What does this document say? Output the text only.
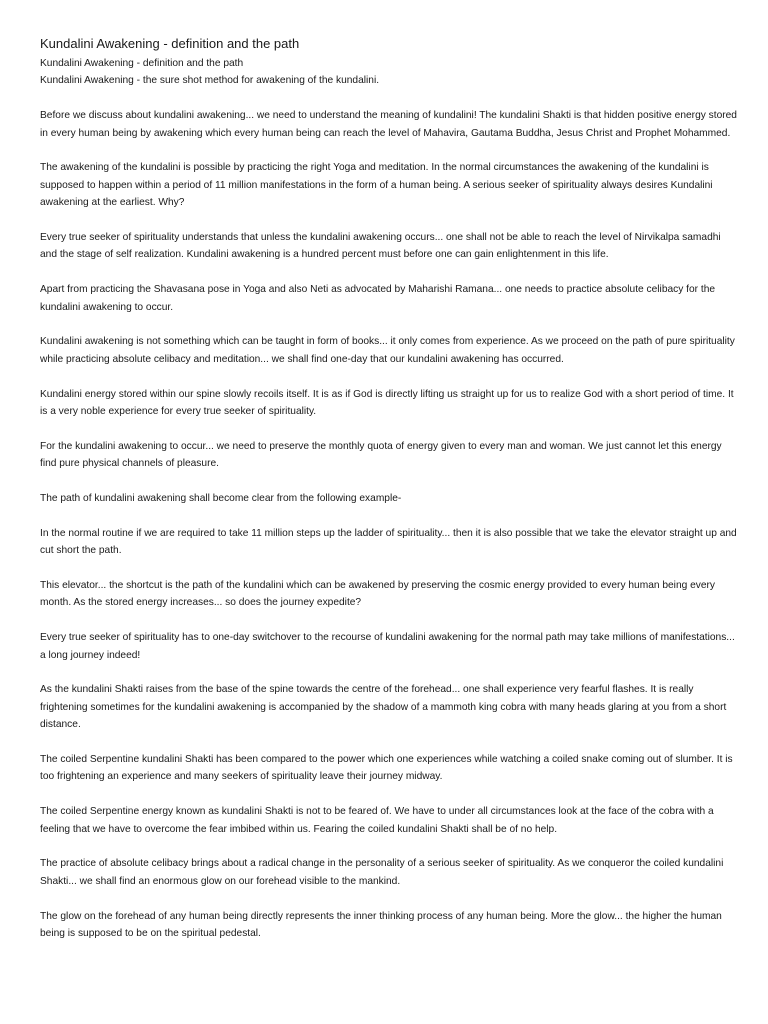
Kundalini Awakening - definition and the path

Kundalini Awakening - definition and the path

Kundalini Awakening - the sure shot method for awakening of the kundalini.

Before we discuss about kundalini awakening... we need to understand the meaning of kundalini! The kundalini Shakti is that hidden positive energy stored in every human being by awakening which every human being can reach the level of Mahavira, Gautama Buddha, Jesus Christ and Prophet Mohammed.

The awakening of the kundalini is possible by practicing the right Yoga and meditation. In the normal circumstances the awakening of the kundalini is supposed to happen within a period of 11 million manifestations in the form of a human being. A serious seeker of spirituality always desires Kundalini awakening at the earliest. Why?

Every true seeker of spirituality understands that unless the kundalini awakening occurs... one shall not be able to reach the level of Nirvikalpa samadhi and the stage of self realization. Kundalini awakening is a hundred percent must before one can gain enlightenment in this life.

Apart from practicing the Shavasana pose in Yoga and also Neti as advocated by Maharishi Ramana... one needs to practice absolute celibacy for the kundalini awakening to occur.

Kundalini awakening is not something which can be taught in form of books... it only comes from experience. As we proceed on the path of pure spirituality while practicing absolute celibacy and meditation... we shall find one-day that our kundalini awakening has occurred.

Kundalini energy stored within our spine slowly recoils itself. It is as if God is directly lifting us straight up for us to realize God with a short period of time. It is a very noble experience for every true seeker of spirituality.

For the kundalini awakening to occur... we need to preserve the monthly quota of energy given to every man and woman. We just cannot let this energy find pure physical channels of pleasure.

The path of kundalini awakening shall become clear from the following example-

In the normal routine if we are required to take 11 million steps up the ladder of spirituality... then it is also possible that we take the elevator straight up and cut short the path.

This elevator... the shortcut is the path of the kundalini which can be awakened by preserving the cosmic energy provided to every human being every month. As the stored energy increases... so does the journey expedite?

Every true seeker of spirituality has to one-day switchover to the recourse of kundalini awakening for the normal path may take millions of manifestations... a long journey indeed!

As the kundalini Shakti raises from the base of the spine towards the centre of the forehead... one shall experience very fearful flashes. It is really frightening sometimes for the kundalini awakening is accompanied by the shadow of a mammoth king cobra with many heads glaring at you from a short distance.

The coiled Serpentine kundalini Shakti has been compared to the power which one experiences while watching a coiled snake coming out of slumber. It is too frightening an experience and many seekers of spirituality leave their journey midway.

The coiled Serpentine energy known as kundalini Shakti is not to be feared of. We have to under all circumstances look at the face of the cobra with a feeling that we have to overcome the fear imbibed within us. Fearing the coiled kundalini Shakti shall be of no help.

The practice of absolute celibacy brings about a radical change in the personality of a serious seeker of spirituality. As we conqueror the coiled kundalini Shakti... we shall find an enormous glow on our forehead visible to the mankind.

The glow on the forehead of any human being directly represents the inner thinking process of any human being. More the glow... the higher the human being is supposed to be on the spiritual pedestal.
